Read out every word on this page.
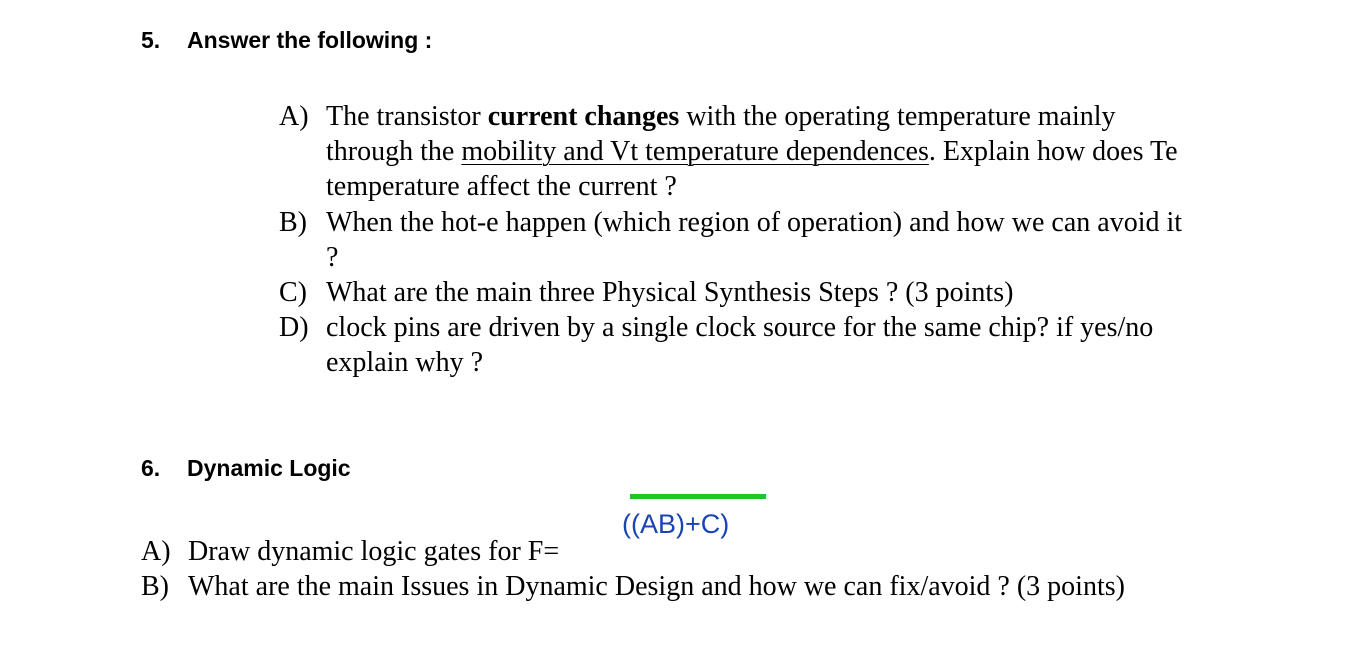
5. Answer the following :
A) The transistor current changes with the operating temperature mainly
through the mobility and Vt temperature dependences. Explain how does Te
temperature affect the current ?
B) When the hot-e happen (which region of operation) and how we can avoid it
?
C) What are the main three Physical Synthesis Steps ? (3 points)
D) clock pins are driven by a single clock source for the same chip? if yes/no
explain why ?
6. Dynamic Logic
((AB)+C)
A) Draw dynamic logic gates for F=
B) What are the main Issues in Dynamic Design and how we can fix/avoid ? (3 points)
